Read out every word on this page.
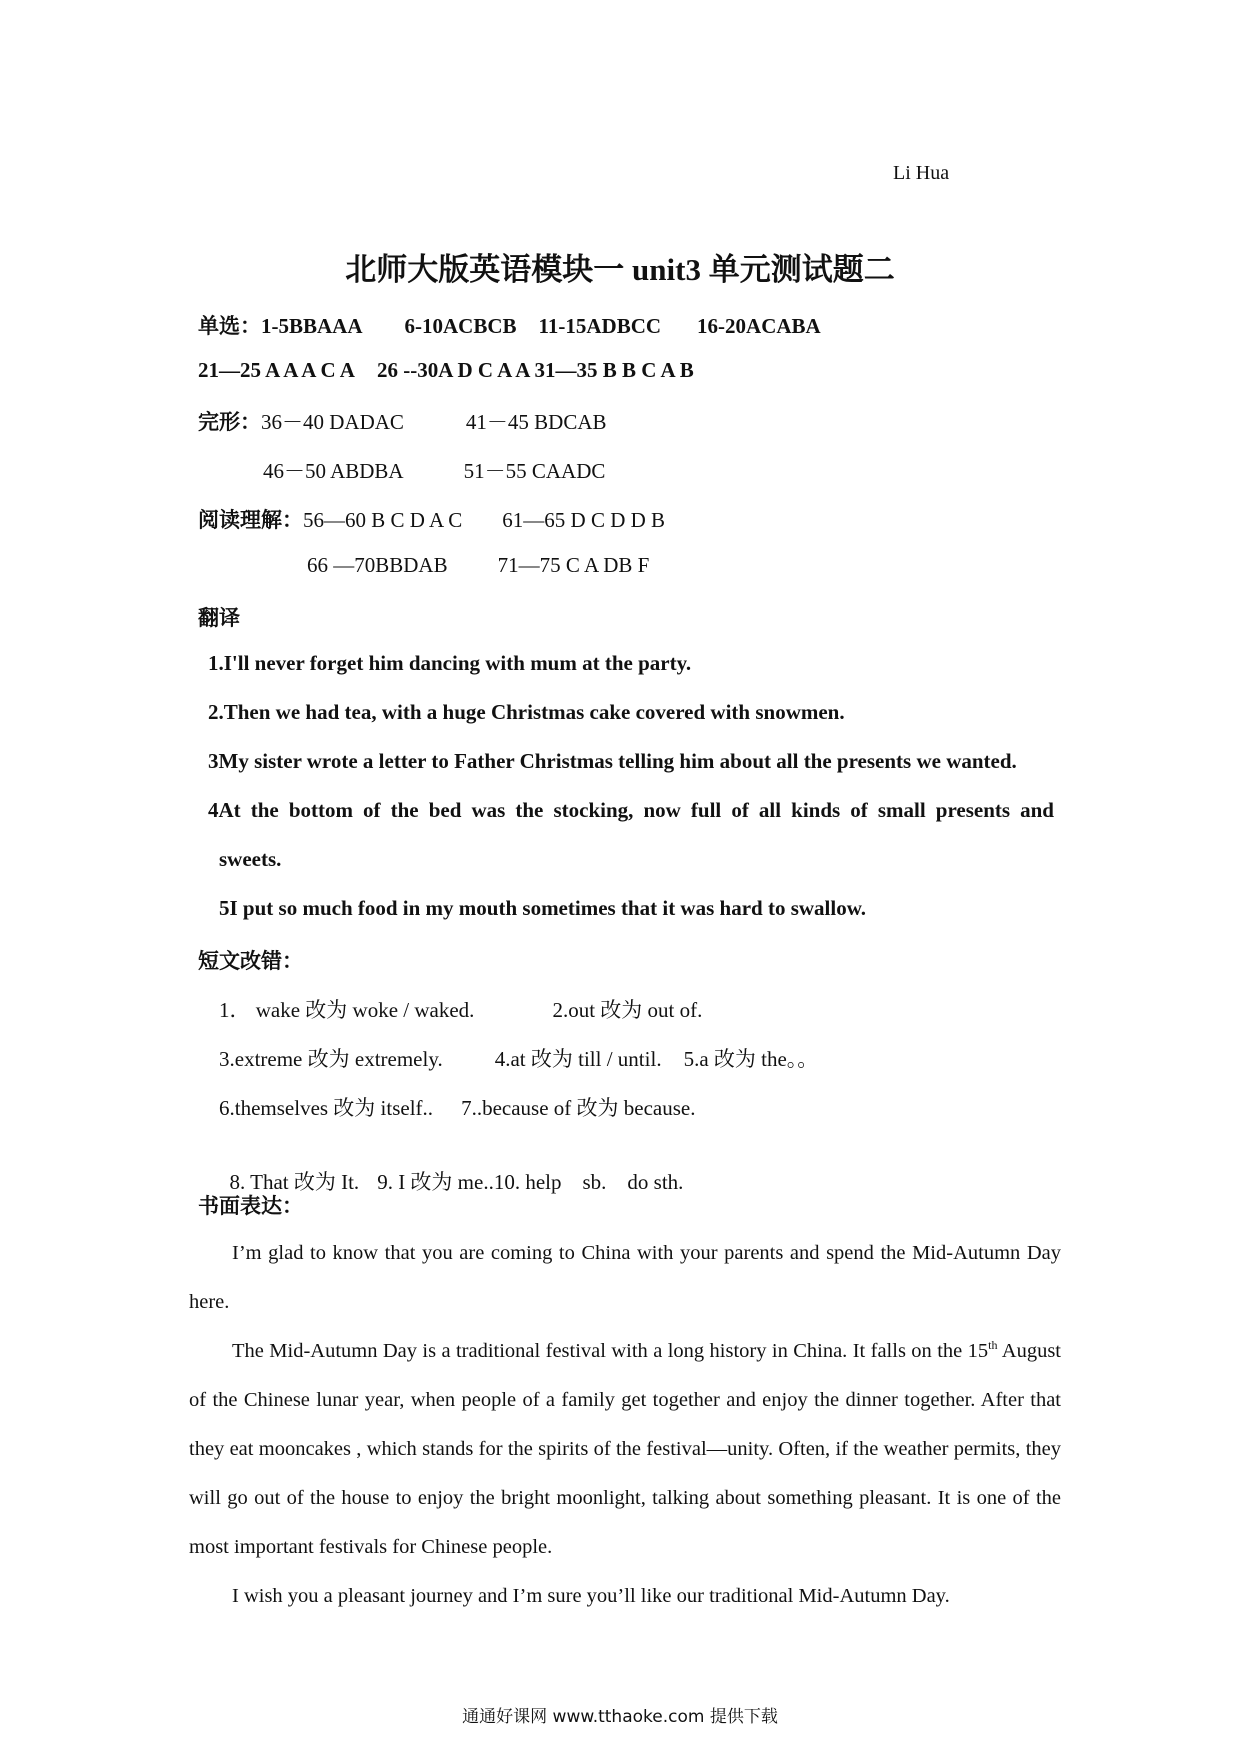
Li Hua
北师大版英语模块一 unit3 单元测试题二
单选：1-5BBAAA 6-10ACBCB 11-15ADBCC 16-20ACABA
21—25 A A A C A 26 --30A D C A A 31—35 B B C A B
完形：36－40 DADAC	41－45 BDCAB
46－50 ABDBA	51－55 CAADC
阅读理解：56—60 B C D A C 61—65 D C D D B
66 —70BBDAB 71—75 C A DB F
翻译
1.I'll never forget him dancing with mum at the party.
2.Then we had tea, with a huge Christmas cake covered with snowmen.
3My sister wrote a letter to Father Christmas telling him about all the presents we wanted.
4At the bottom of the bed was the stocking, now full of all kinds of small presents and
sweets.
5I put so much food in my mouth sometimes that it was hard to swallow.
短文改错：
1． wake 改为 woke / waked.	2.out 改为 out of.
3.extreme 改为 extremely. 4.at 改为 till / until. 5.a 改为 the。。
6.themselves 改为 itself.. 7..because of 改为 because.

8. That 改为 It. 9. I 改为 me..10. help    sb.    do sth.

书面表达：
I’m glad to know that you are coming to China with your parents and spend the Mid-Autumn Day here.
The Mid-Autumn Day is a traditional festival with a long history in China. It falls on the 15th August of the Chinese lunar year, when people of a family get together and enjoy the dinner together. After that they eat mooncakes , which stands for the spirits of the festival—unity. Often, if the weather permits, they will go out of the house to enjoy the bright moonlight, talking about something pleasant. It is one of the most important festivals for Chinese people.
I wish you a pleasant journey and I’m sure you’ll like our traditional Mid-Autumn Day.
通通好课网 www.tthaoke.com 提供下载
